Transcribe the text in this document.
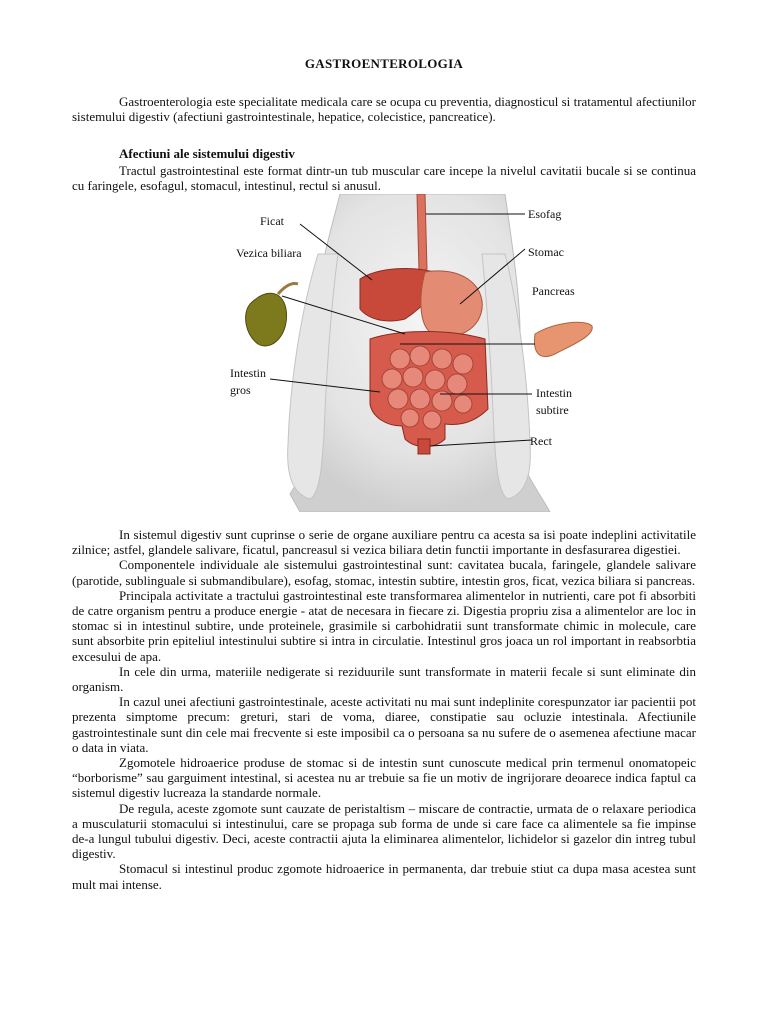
GASTROENTEROLOGIA

Gastroenterologia este specialitate medicala care se ocupa cu preventia, diagnosticul si tratamentul afectiunilor sistemului digestiv (afectiuni gastrointestinale, hepatice, colecistice, pancreatice).

Afectiuni ale sistemului digestiv

Tractul gastrointestinal este format dintr-un tub muscular care incepe la nivelul cavitatii bucale si se continua cu faringele, esofagul, stomacul, intestinul, rectul si anusul.

Ficat	Esofag
Vezica biliara	Stomac
Pancreas
Intestin
gros	Intestin
subtire
Rect

In sistemul digestiv sunt cuprinse o serie de organe auxiliare pentru ca acesta sa isi poate indeplini activitatile zilnice; astfel, glandele salivare, ficatul, pancreasul si vezica biliara detin functii importante in desfasurarea digestiei.

Componentele individuale ale sistemului gastrointestinal sunt: cavitatea bucala, faringele, glandele salivare (parotide, sublinguale si submandibulare), esofag, stomac, intestin subtire, intestin gros, ficat, vezica biliara si pancreas.

Principala activitate a tractului gastrointestinal este transformarea alimentelor in nutrienti, care pot fi absorbiti de catre organism pentru a produce energie - atat de necesara in fiecare zi. Digestia propriu zisa a alimentelor are loc in stomac si in intestinul subtire, unde proteinele, grasimile si carbohidratii sunt transformate chimic in molecule, care sunt absorbite prin epiteliul intestinului subtire si intra in circulatie. Intestinul gros joaca un rol important in reabsorbtia excesului de apa.

In cele din urma, materiile nedigerate si reziduurile sunt transformate in materii fecale si sunt eliminate din organism.

In cazul unei afectiuni gastrointestinale, aceste activitati nu mai sunt indeplinite corespunzator iar pacientii pot prezenta simptome precum: greturi, stari de voma, diaree, constipatie sau ocluzie intestinala. Afectiunile gastrointestinale sunt din cele mai frecvente si este imposibil ca o persoana sa nu sufere de o asemenea afectiune macar o data in viata.

Zgomotele hidroaerice produse de stomac si de intestin sunt cunoscute medical prin termenul onomatopeic “borborisme” sau garguiment intestinal, si acestea nu ar trebuie sa fie un motiv de ingrijorare deoarece indica faptul ca sistemul digestiv lucreaza la standarde normale.

De regula, aceste zgomote sunt cauzate de peristaltism – miscare de contractie, urmata de o relaxare periodica a musculaturii stomacului si intestinului, care se propaga sub forma de unde si care face ca alimentele sa fie impinse de-a lungul tubului digestiv. Deci, aceste contractii ajuta la eliminarea alimentelor, lichidelor si gazelor din intreg tubul digestiv.

Stomacul si intestinul produc zgomote hidroaerice in permanenta, dar trebuie stiut ca dupa masa acestea sunt mult mai intense.
